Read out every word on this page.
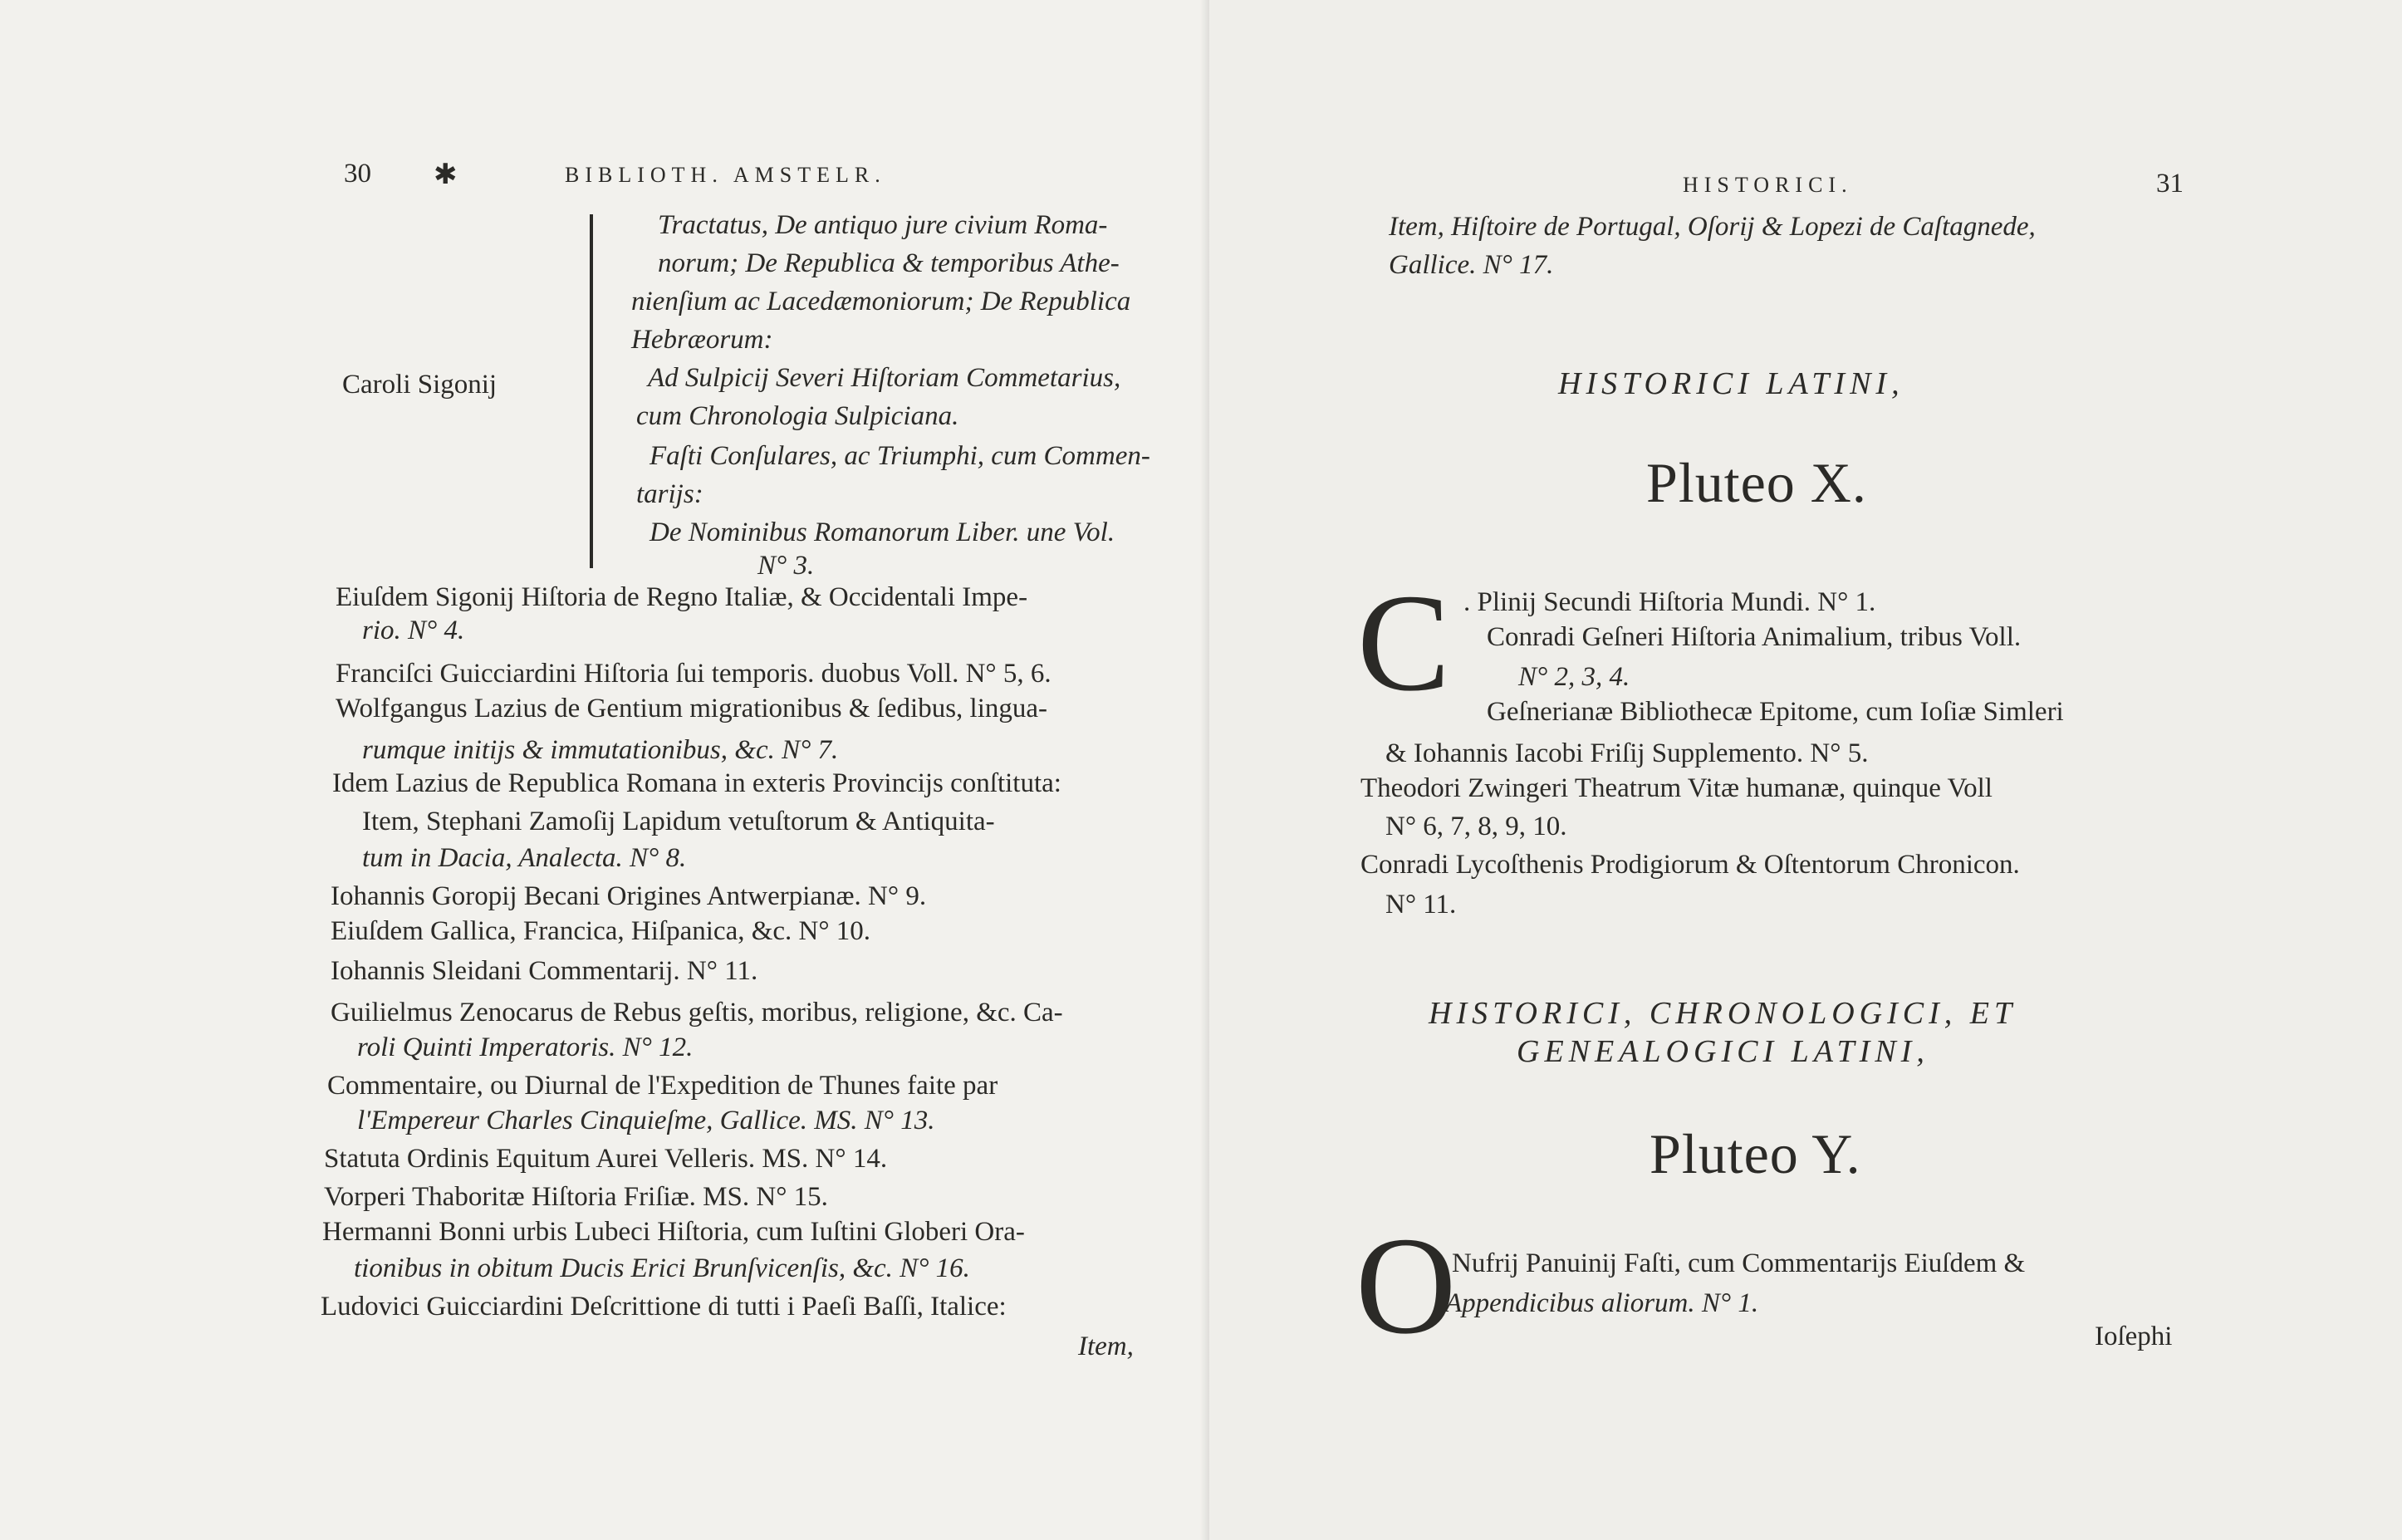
30 ✱	BIBLIOTH. AMSTELR.
Caroli Sigonij
Tractatus, De antiquo jure civium Roma-
norum; De Republica & temporibus Athe-
nienſium ac Lacedæmoniorum; De Republica
Hebræorum:
Ad Sulpicij Severi Hiſtoriam Commetarius,
cum Chronologia Sulpiciana.
Faſti Conſulares, ac Triumphi, cum Commen-
tarijs:
De Nominibus Romanorum Liber. une Vol.
N° 3.
Eiuſdem Sigonij Hiſtoria de Regno Italiæ, & Occidentali Impe-
rio. N° 4.
Franciſci Guicciardini Hiſtoria ſui temporis. duobus Voll. N° 5, 6.
Wolfgangus Lazius de Gentium migrationibus & ſedibus, lingua-
rumque initijs & immutationibus, &c. N° 7.
Idem Lazius de Republica Romana in exteris Provincijs conſtituta:
Item, Stephani Zamoſij Lapidum vetuſtorum & Antiquita-
tum in Dacia, Analecta. N° 8.
Iohannis Goropij Becani Origines Antwerpianæ. N° 9.
Eiuſdem Gallica, Francica, Hiſpanica, &c. N° 10.
Iohannis Sleidani Commentarij. N° 11.
Guilielmus Zenocarus de Rebus geſtis, moribus, religione, &c. Ca-
roli Quinti Imperatoris. N° 12.
Commentaire, ou Diurnal de l'Expedition de Thunes faite par
l'Empereur Charles Cinquieſme, Gallice. MS. N° 13.
Statuta Ordinis Equitum Aurei Velleris. MS. N° 14.
Vorperi Thaboritæ Hiſtoria Friſiæ. MS. N° 15.
Hermanni Bonni urbis Lubeci Hiſtoria, cum Iuſtini Globeri Ora-
tionibus in obitum Ducis Erici Brunſvicenſis, &c. N° 16.
Ludovici Guicciardini Deſcrittione di tutti i Paeſi Baſſi, Italice:
Item,
HISTORICI.	31
Item, Hiſtoire de Portugal, Oſorij & Lopezi de Caſtagnede,
Gallice. N° 17.
HISTORICI LATINI,
Pluteo X.
C . Plinij Secundi Hiſtoria Mundi. N° 1.
Conradi Geſneri Hiſtoria Animalium, tribus Voll.
N° 2, 3, 4.
Geſnerianæ Bibliothecæ Epitome, cum Ioſiæ Simleri
& Iohannis Iacobi Friſij Supplemento. N° 5.
Theodori Zwingeri Theatrum Vitæ humanæ, quinque Voll
N° 6, 7, 8, 9, 10.
Conradi Lycoſthenis Prodigiorum & Oſtentorum Chronicon.
N° 11.
HISTORICI, CHRONOLOGICI, ET
GENEALOGICI LATINI,
Pluteo Y.
O
Nufrij Panuinij Faſti, cum Commentarijs Eiuſdem &
Appendicibus aliorum. N° 1.
Ioſephi
